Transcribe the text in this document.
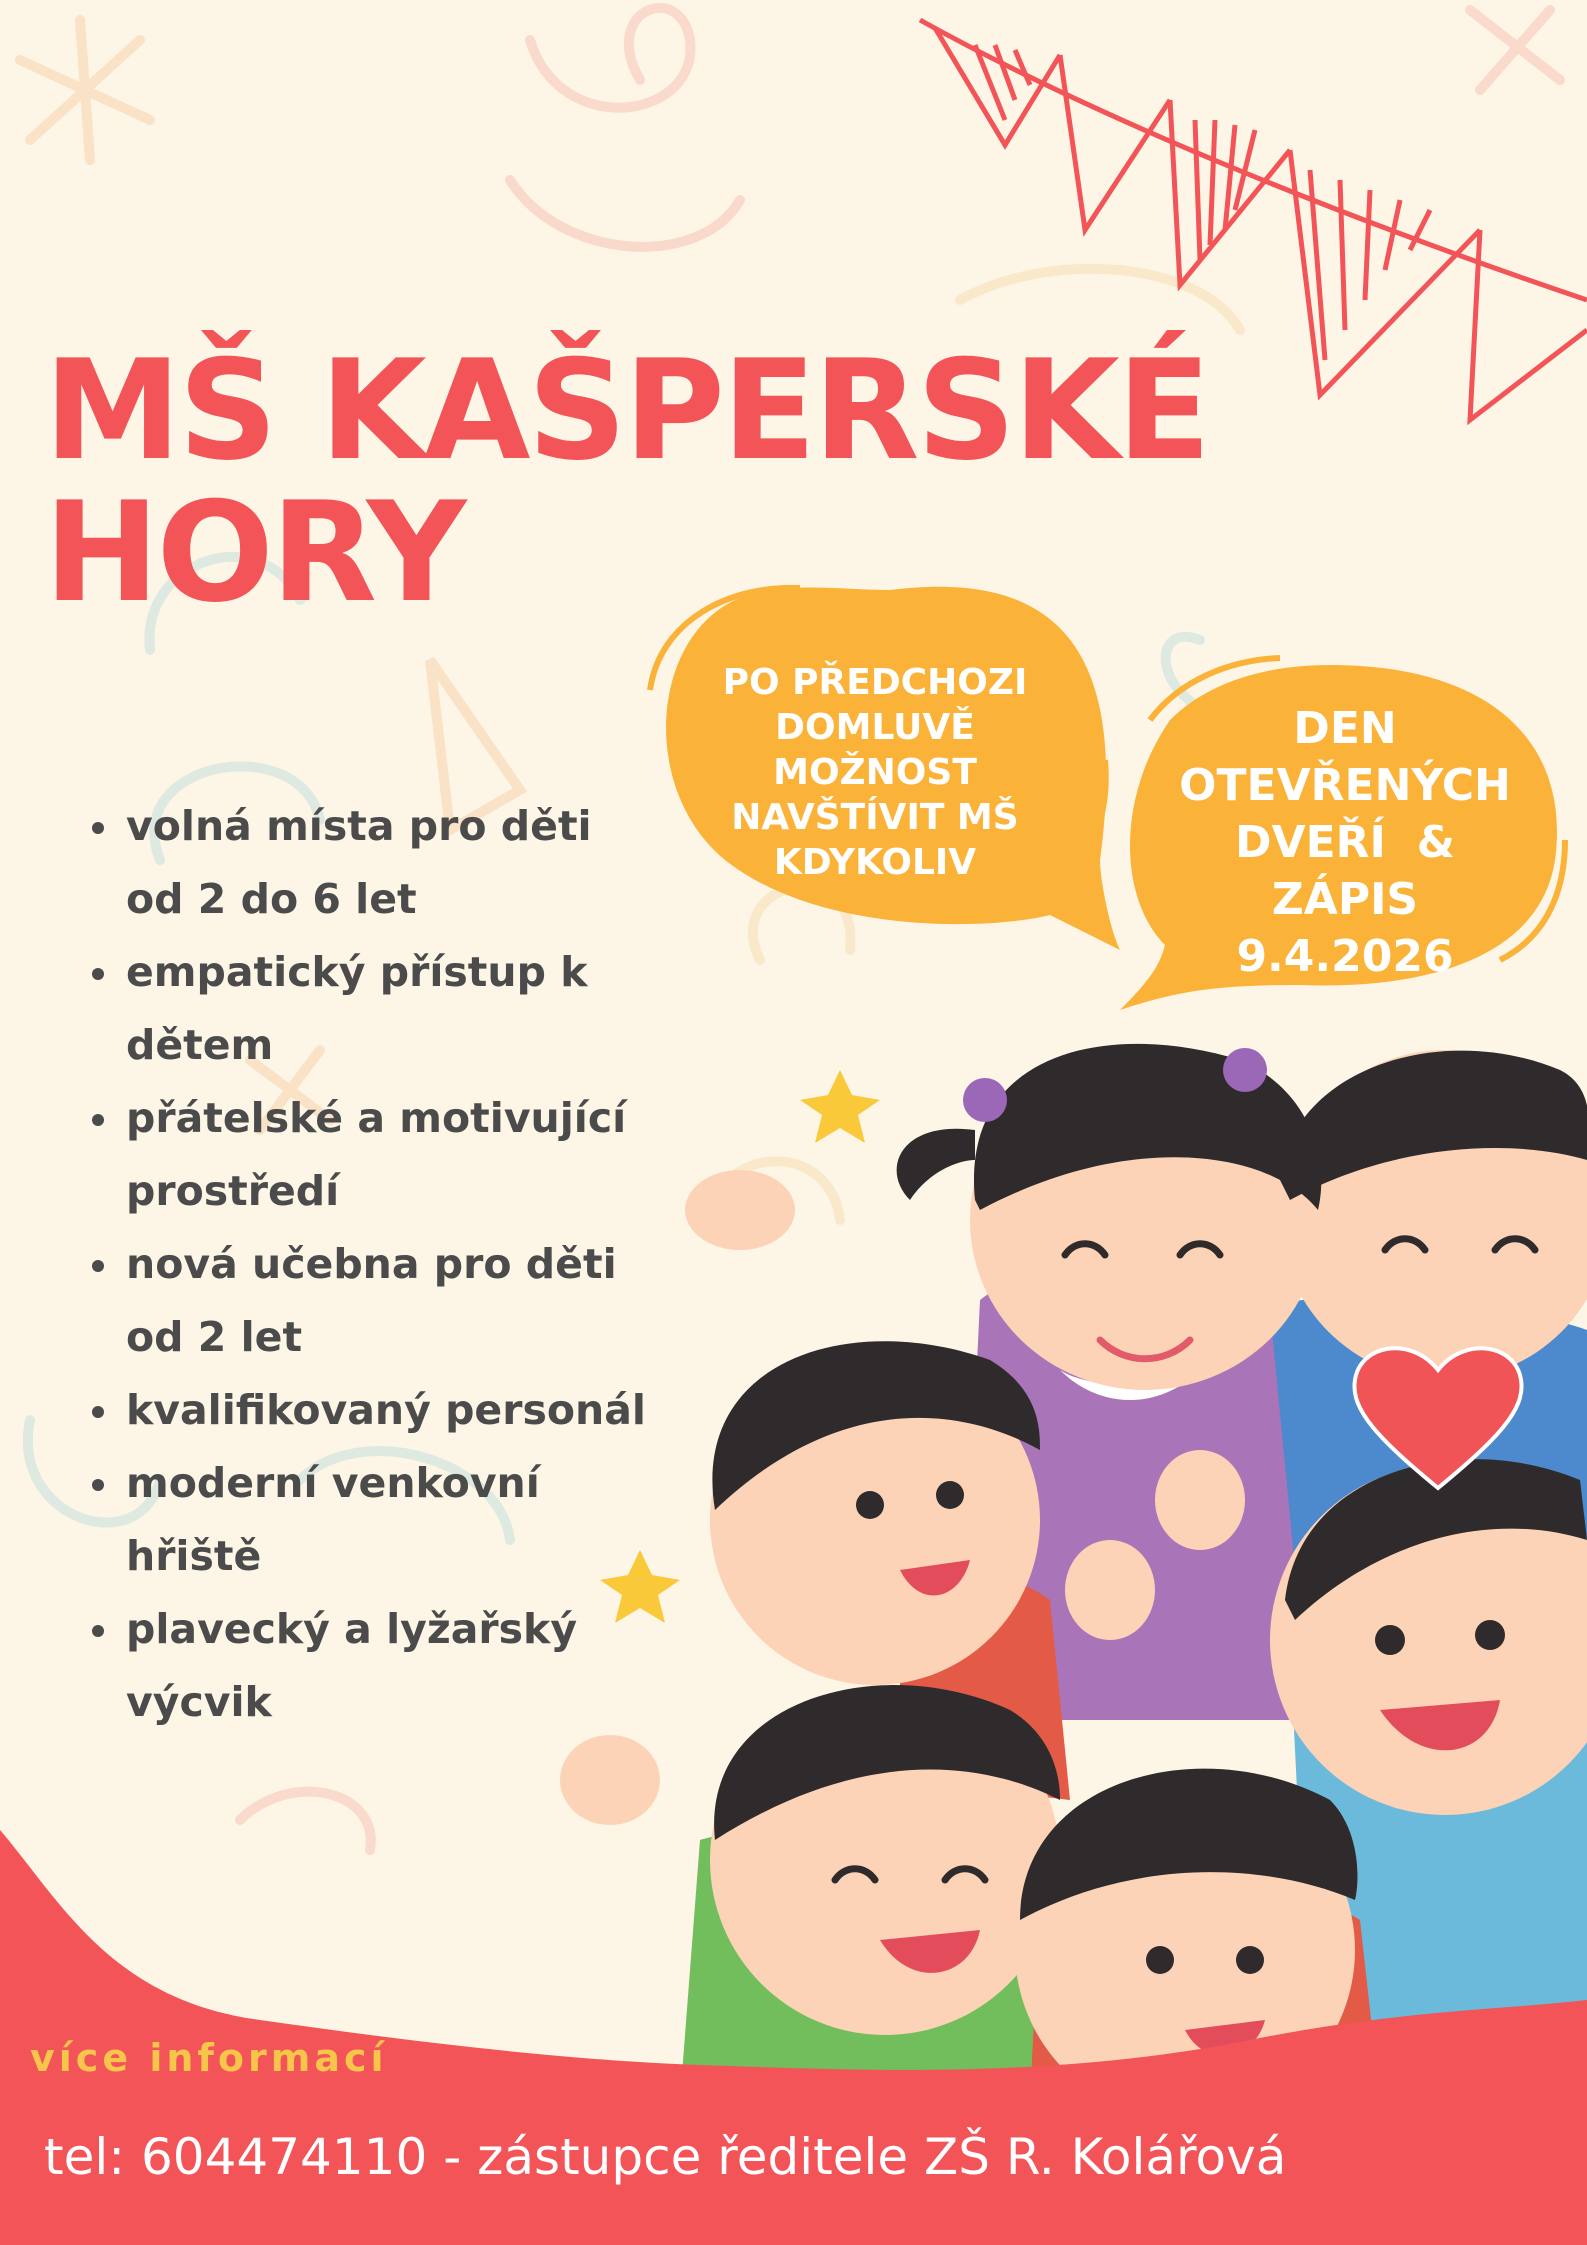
MŠ KAŠPERSKÉ
HORY
volná místa pro děti od 2 do 6 let
empatický přístup k dětem
přátelské a motivující prostředí
nová učebna pro děti od 2 let
kvalifikovaný personál
moderní venkovní hřiště
plavecký a lyžařský výcvik
PO PŘEDCHOZI
DOMLUVĚ
MOŽNOST
NAVŠTÍVIT MŠ
KDYKOLIV
DEN
OTEVŘENÝCH
DVEŘÍ  &
ZÁPIS
9.4.2026
více informací
tel: 604474110 - zástupce ředitele ZŠ R. Kolářová
